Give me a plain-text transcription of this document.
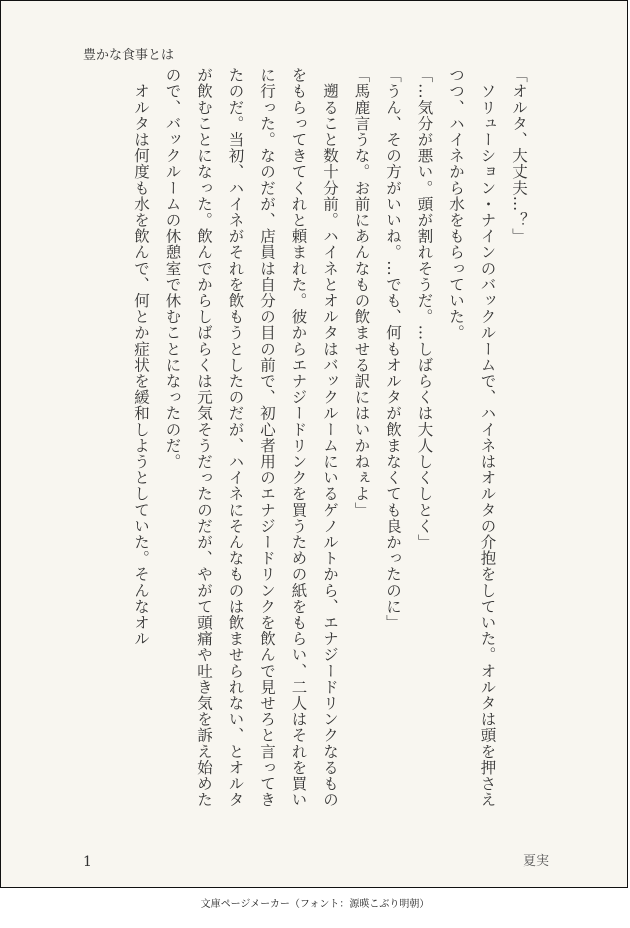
豊かな食事とは

「オルタ、大丈夫…？」

　ソリューション・ナインのバックルームで、ハイネはオルタの介抱をしていた。オルタは頭を押さえつつ、ハイネから水をもらっていた。

「…気分が悪い。頭が割れそうだ。…しばらくは大人しくしとく」

「うん、その方がいいね。…でも、何もオルタが飲まなくても良かったのに」

「馬鹿言うな。お前にあんなもの飲ませる訳にはいかねぇよ」

　遡ること数十分前。ハイネとオルタはバックルームにいるゲノルトから、エナジードリンクなるものをもらってきてくれと頼まれた。彼からエナジードリンクを買うための紙をもらい、二人はそれを買いに行った。なのだが、店員は自分の目の前で、初心者用のエナジードリンクを飲んで見せろと言ってきたのだ。当初、ハイネがそれを飲もうとしたのだが、ハイネにそんなものは飲ませられない、とオルタが飲むことになった。飲んでからしばらくは元気そうだったのだが、やがて頭痛や吐き気を訴え始めたので、バックルームの休憩室で休むことになったのだ。

　オルタは何度も水を飲んで、何とか症状を緩和しようとしていた。そんなオル

1	夏実
文庫ページメーカー（フォント：源暎こぶり明朝）
